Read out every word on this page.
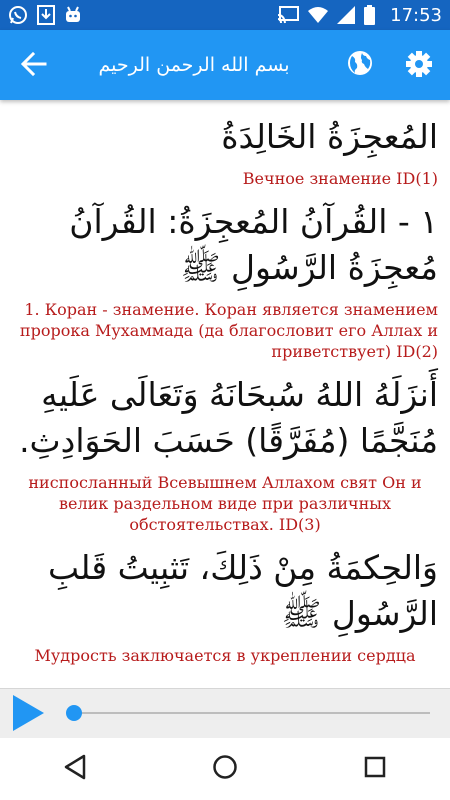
17:53
بسم الله الرحمن الرحيم

المُعجِزَةُ الخَالِدَةُ

Вечное знамение ID(1)

١ - القُرآنُ المُعجِزَةُ: القُرآنُ مُعجِزَةُ الرَّسُولِ ﷺ

1. Коран - знамение. Коран является знамением пророка Мухаммада (да благословит его Аллах и приветствует) ID(2)

أَنزَلَهُ اللهُ سُبحَانَهُ وَتَعَالَى عَلَيهِ مُنَجَّمًا (مُفَرَّقًا) حَسَبَ الحَوَادِثِ.

ниспосланный Всевышнем Аллахом свят Он и велик раздельном виде при различных обстоятельствах. ID(3)

وَالحِكمَةُ مِنْ ذَلِكَ، تَثبِيتُ قَلبِ الرَّسُولِ ﷺ

Мудрость заключается в укреплении сердца
